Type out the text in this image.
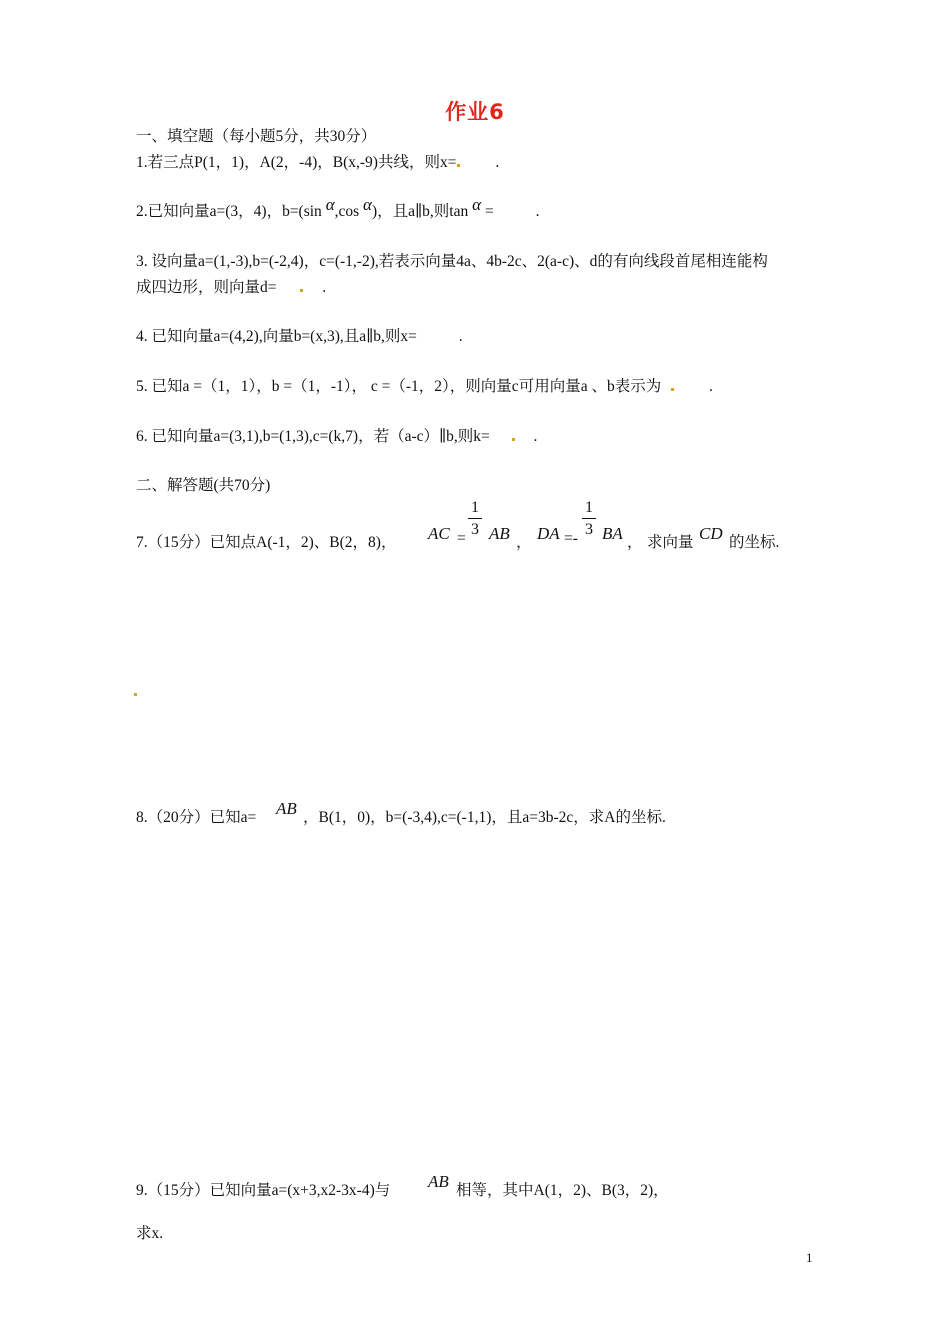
作业6
一、填空题（每小题5分，共30分）
1.若三点P(1，1)，A(2，-4)，B(x,-9)共线，则x=	.
2.已知向量a=(3，4)，b=(sin α,cos α)，且a∥b,则tan α =	.
3. 设向量a=(1,-3),b=(-2,4)，c=(-1,-2),若表示向量4a、4b-2c、2(a-c)、d的有向线段首尾相连能构
成四边形，则向量d=	.
4. 已知向量a=(4,2),向量b=(x,3),且a∥b,则x=	.
5. 已知a =（1，1），b =（1，-1）， c =（-1，2），则向量c可用向量a 、b表示为	.
6. 已知向量a=(3,1),b=(1,3),c=(k,7)，若（a-c）∥b,则k=	.
二、解答题(共70分)
7.（15分）已知点A(-1，2)、B(2，8)， AC =
$\frac{1}{3}$ AB ， DA =-
$\frac{1}{3}$ BA ， 求向量 CD 的坐标.
8.（20分）已知a= AB ，B(1，0)，b=(-3,4),c=(-1,1)，且a=3b-2c，求A的坐标.
9.（15分）已知向量a=(x+3,x2-3x-4)与 AB 相等，其中A(1，2)、B(3，2)，
求x.
1
